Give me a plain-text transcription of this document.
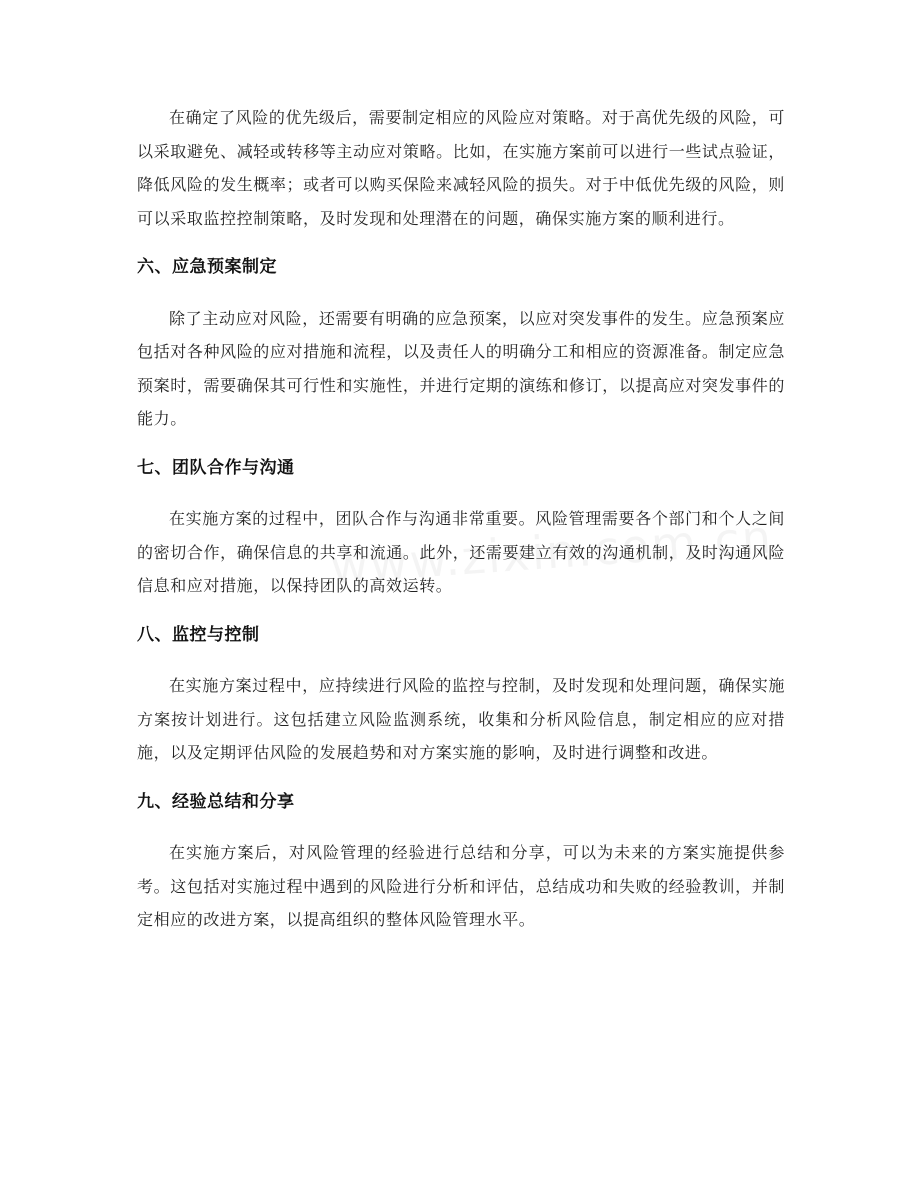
在确定了风险的优先级后，需要制定相应的风险应对策略。对于高优先级的风险，可以采取避免、减轻或转移等主动应对策略。比如，在实施方案前可以进行一些试点验证，降低风险的发生概率；或者可以购买保险来减轻风险的损失。对于中低优先级的风险，则可以采取监控控制策略，及时发现和处理潜在的问题，确保实施方案的顺利进行。

六、应急预案制定

除了主动应对风险，还需要有明确的应急预案，以应对突发事件的发生。应急预案应包括对各种风险的应对措施和流程，以及责任人的明确分工和相应的资源准备。制定应急预案时，需要确保其可行性和实施性，并进行定期的演练和修订，以提高应对突发事件的能力。

七、团队合作与沟通

在实施方案的过程中，团队合作与沟通非常重要。风险管理需要各个部门和个人之间的密切合作，确保信息的共享和流通。此外，还需要建立有效的沟通机制，及时沟通风险信息和应对措施，以保持团队的高效运转。

八、监控与控制

在实施方案过程中，应持续进行风险的监控与控制，及时发现和处理问题，确保实施方案按计划进行。这包括建立风险监测系统，收集和分析风险信息，制定相应的应对措施，以及定期评估风险的发展趋势和对方案实施的影响，及时进行调整和改进。

九、经验总结和分享

在实施方案后，对风险管理的经验进行总结和分享，可以为未来的方案实施提供参考。这包括对实施过程中遇到的风险进行分析和评估，总结成功和失败的经验教训，并制定相应的改进方案，以提高组织的整体风险管理水平。
